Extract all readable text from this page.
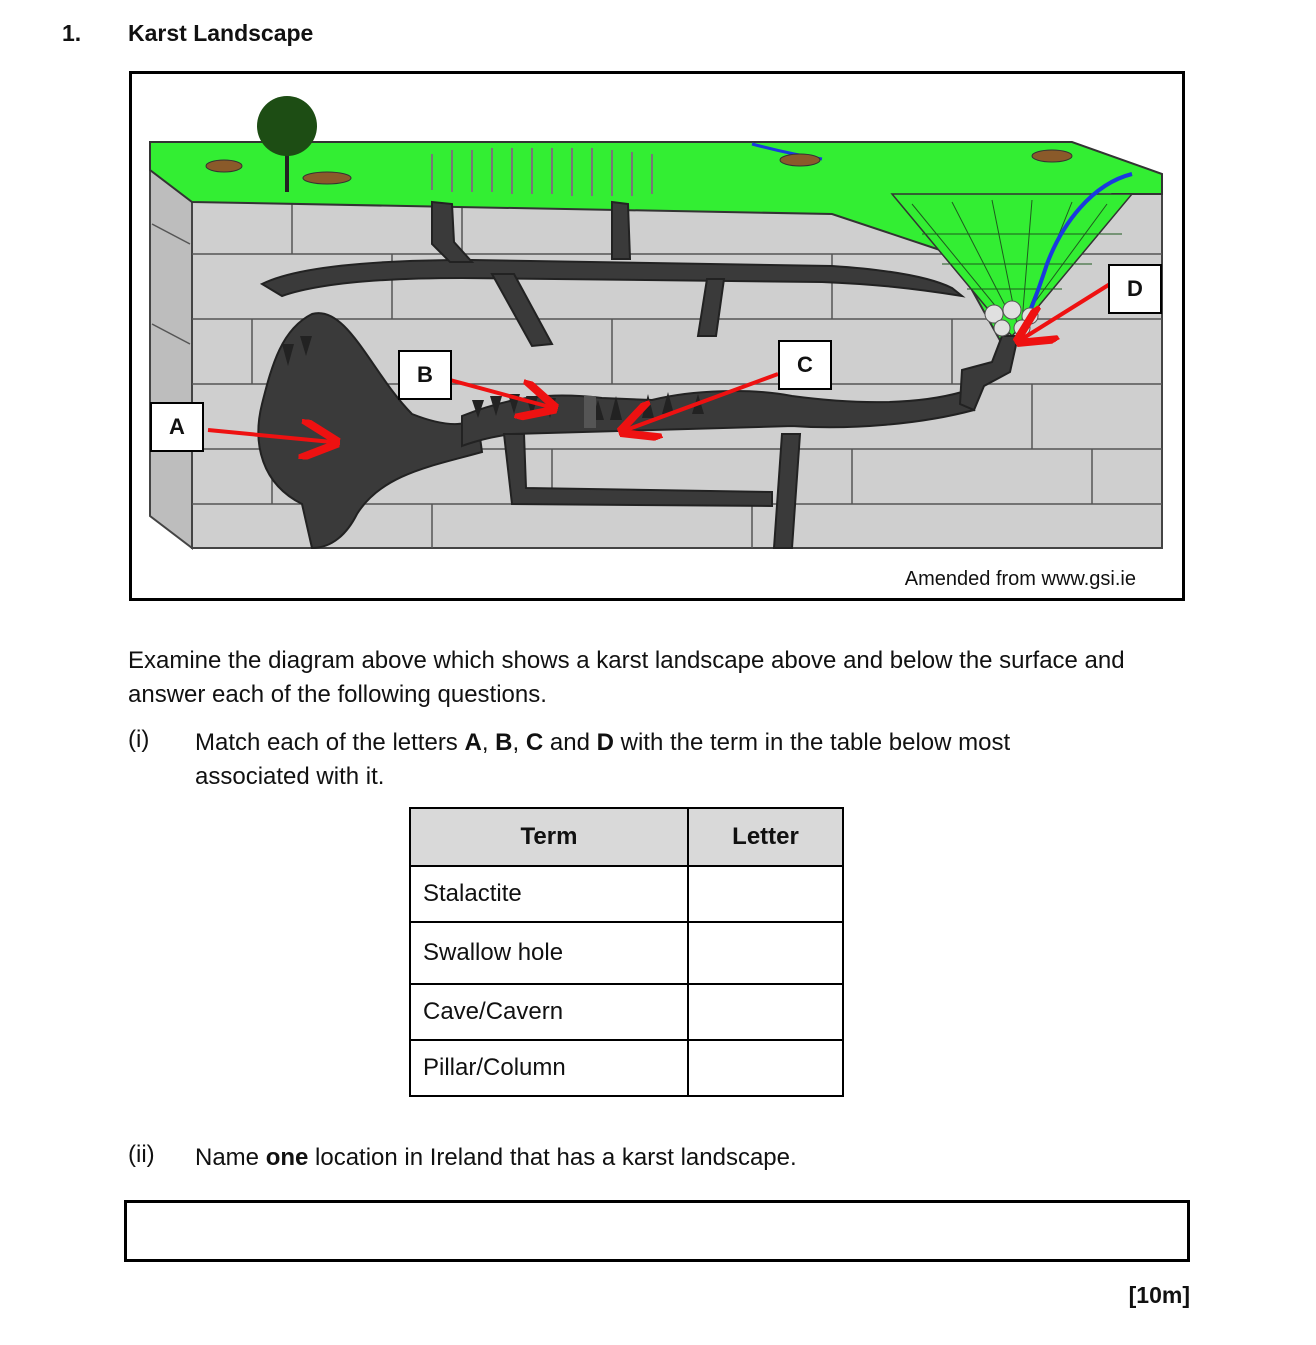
1. Karst Landscape
A
B	C
D
Amended from www.gsi.ie
Examine the diagram above which shows a karst landscape above and below the surface and answer each of the following questions.
(i) Match each of the letters A, B, C and D with the term in the table below most associated with it.
Term	Letter
Stalactite	
Swallow hole	
Cave/Cavern	
Pillar/Column	
(ii) Name one location in Ireland that has a karst landscape.
[10m]
